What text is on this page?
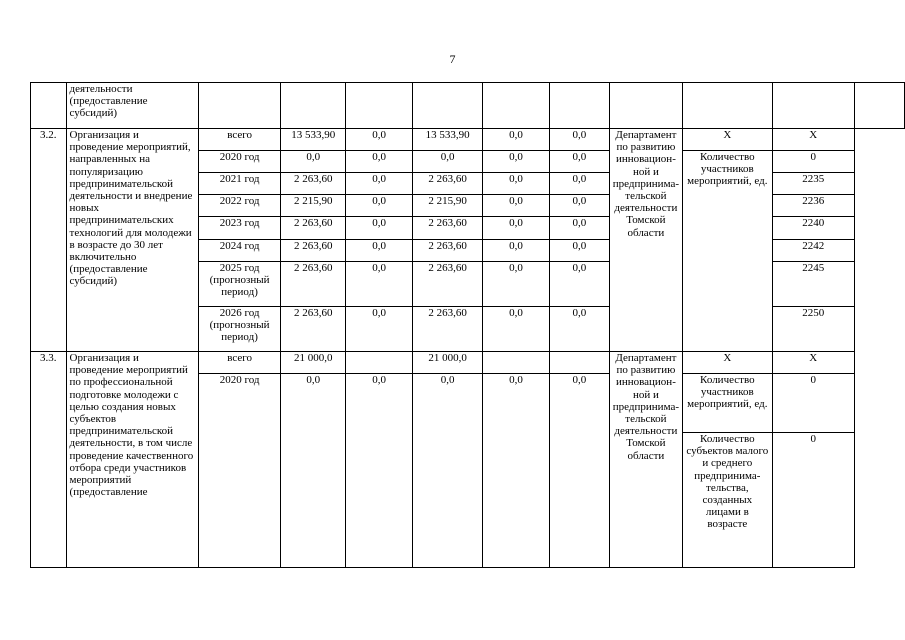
7
	деятельности
(предоставление
субсидий)										
3.2.	Организация и проведение мероприятий, направленных на популяризацию предпринимательской деятельности и внедрение новых предпринимательских технологий для молодежи в возрасте до 30 лет включительно (предоставление субсидий)	всего	13 533,90	0,0	13 533,90	0,0	0,0	Департамент по развитию инновацион-ной и предпринима-тельской деятельности Томской области	Х	Х	
		2020 год	0,0	0,0	0,0	0,0	0,0		Количество участников мероприятий, ед.	0	
		2021 год	2 263,60	0,0	2 263,60	0,0	0,0			2235	
		2022 год	2 215,90	0,0	2 215,90	0,0	0,0			2236	
		2023 год	2 263,60	0,0	2 263,60	0,0	0,0			2240	
		2024 год	2 263,60	0,0	2 263,60	0,0	0,0			2242	
		2025 год (прогнозный период)	2 263,60	0,0	2 263,60	0,0	0,0			2245	
		2026 год (прогнозный период)	2 263,60	0,0	2 263,60	0,0	0,0			2250	
3.3.	Организация и проведение мероприятий по профессиональной подготовке молодежи с целью создания новых субъектов предпринимательской деятельности, в том числе проведение качественного отбора среди участников мероприятий (предоставление	всего	21 000,0		21 000,0			Департамент по развитию инновацион-ной и предпринима-тельской деятельности Томской области	Х	Х	
		2020 год	0,0	0,0	0,0	0,0	0,0		Количество участников мероприятий, ед.	0	
									Количество субъектов малого и среднего предпринима-тельства, созданных лицами в возрасте	0	
